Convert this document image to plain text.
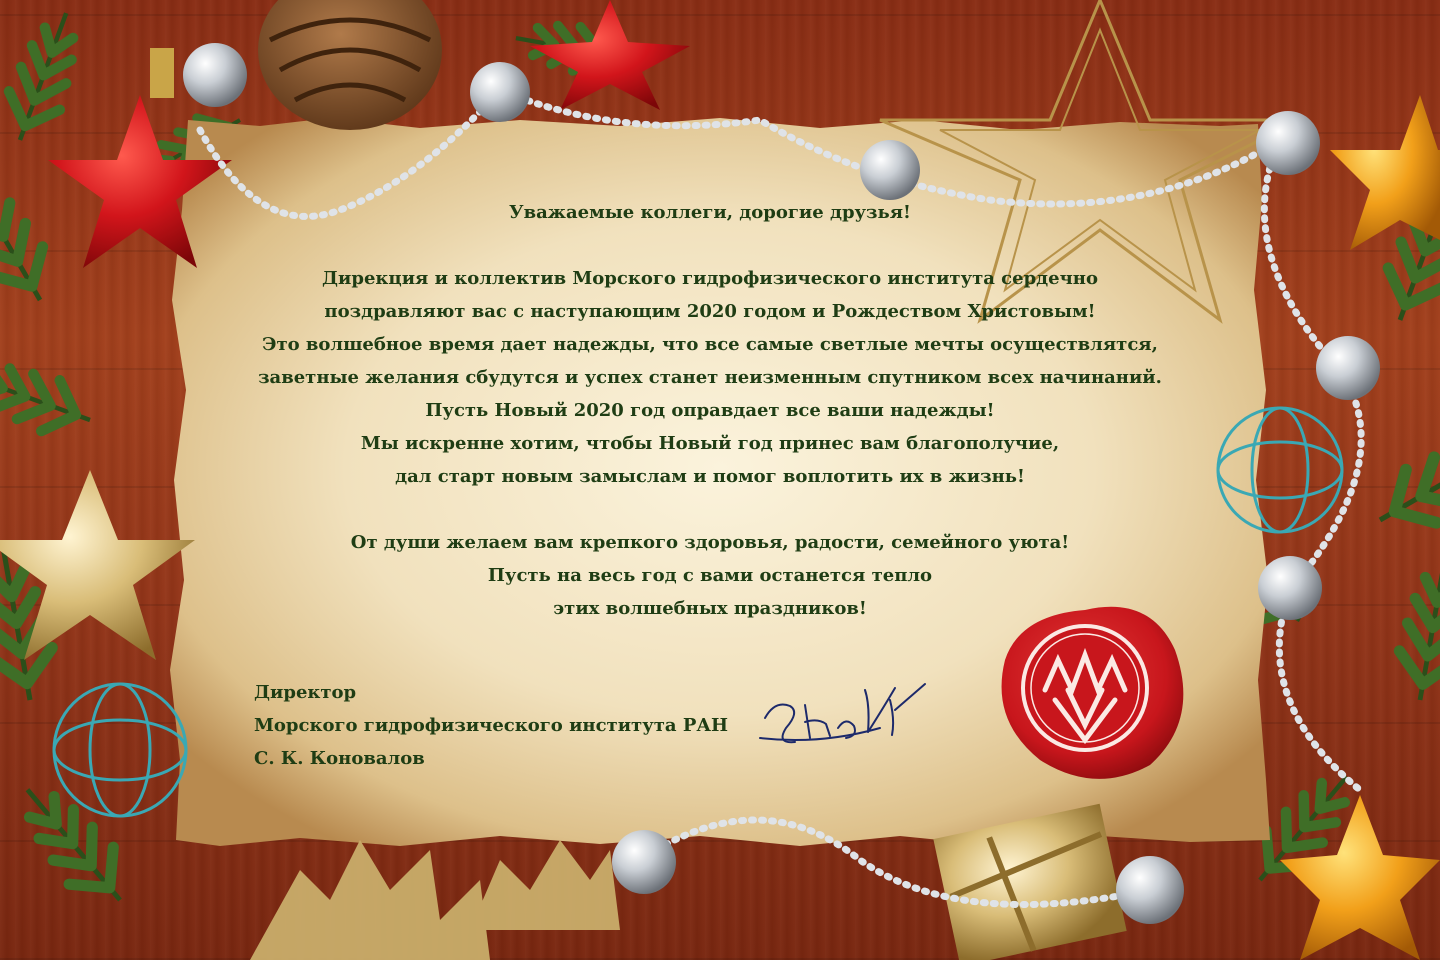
Уважаемые коллеги, дорогие друзья!

Дирекция и коллектив Морского гидрофизического института сердечно

поздравляют вас с наступающим 2020 годом и Рождеством Христовым!

Это волшебное время дает надежды, что все самые светлые мечты осуществлятся,

заветные желания сбудутся и успех станет неизменным спутником всех начинаний.

Пусть Новый 2020 год оправдает все ваши надежды!

Мы искренне хотим, чтобы Новый год принес вам благополучие,

дал старт новым замыслам и помог воплотить их в жизнь!

От души желаем вам крепкого здоровья, радости, семейного уюта!

Пусть на весь год с вами останется тепло

этих волшебных праздников!

Директор

Морского гидрофизического института РАН

С. К. Коновалов
